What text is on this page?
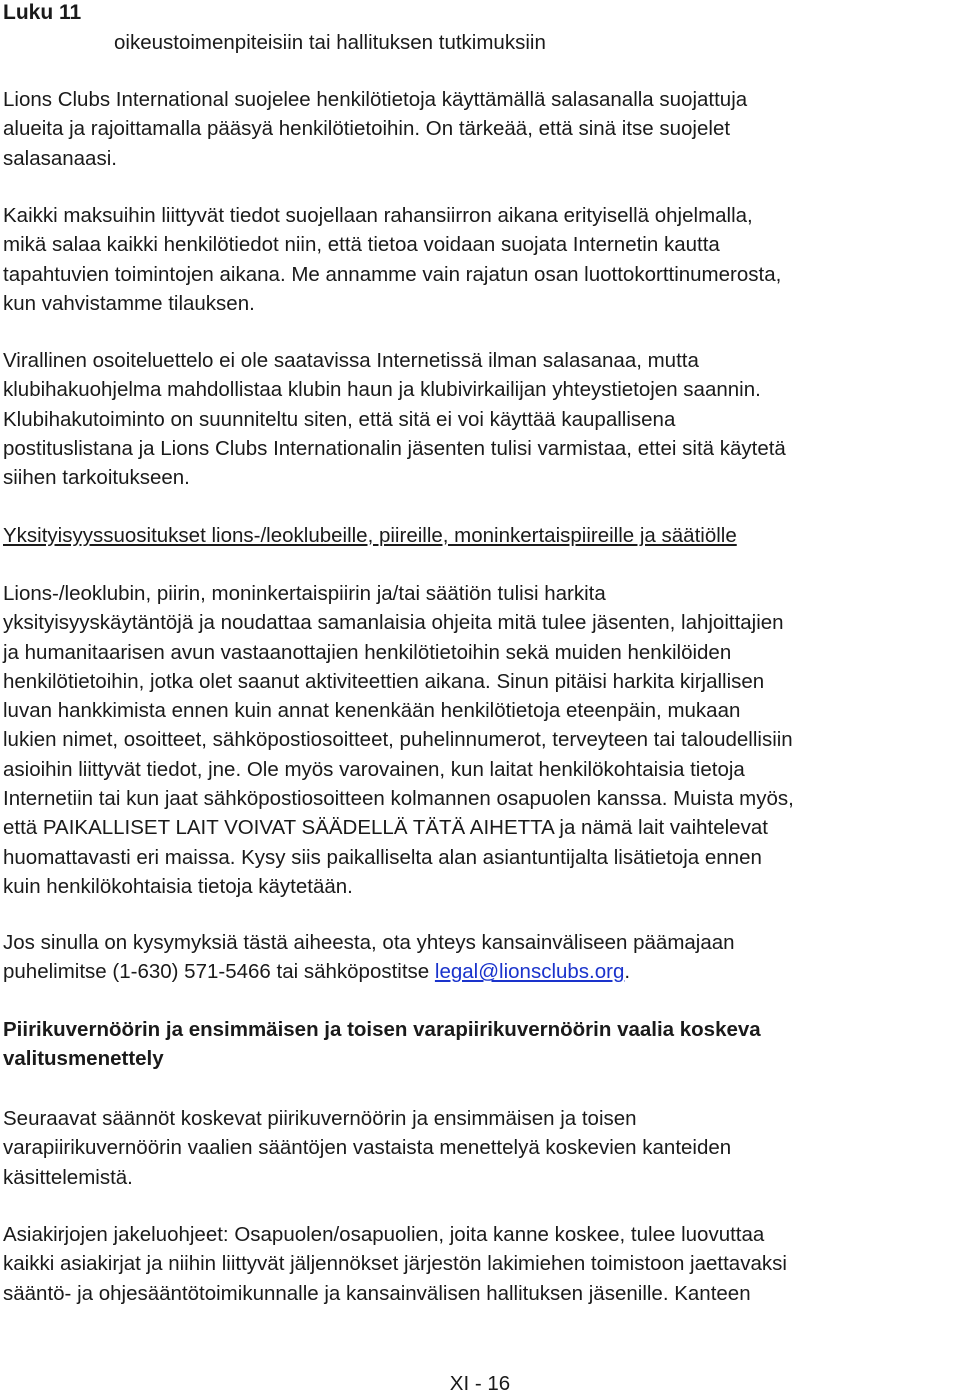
Luku 11

oikeustoimenpiteisiin tai hallituksen tutkimuksiin

Lions Clubs International suojelee henkilötietoja käyttämällä salasanalla suojattuja
alueita ja rajoittamalla pääsyä henkilötietoihin. On tärkeää, että sinä itse suojelet
salasanaasi.

Kaikki maksuihin liittyvät tiedot suojellaan rahansiirron aikana erityisellä ohjelmalla,
mikä salaa kaikki henkilötiedot niin, että tietoa voidaan suojata Internetin kautta
tapahtuvien toimintojen aikana. Me annamme vain rajatun osan luottokorttinumerosta,
kun vahvistamme tilauksen.

Virallinen osoiteluettelo ei ole saatavissa Internetissä ilman salasanaa, mutta
klubihakuohjelma mahdollistaa klubin haun ja klubivirkailijan yhteystietojen saannin.
Klubihakutoiminto on suunniteltu siten, että sitä ei voi käyttää kaupallisena
postituslistana ja Lions Clubs Internationalin jäsenten tulisi varmistaa, ettei sitä käytetä
siihen tarkoitukseen.

Yksityisyyssuositukset lions-/leoklubeille, piireille, moninkertaispiireille ja säätiölle

Lions-/leoklubin, piirin, moninkertaispiirin ja/tai säätiön tulisi harkita
yksityisyyskäytäntöjä ja noudattaa samanlaisia ohjeita mitä tulee jäsenten, lahjoittajien
ja humanitaarisen avun vastaanottajien henkilötietoihin sekä muiden henkilöiden
henkilötietoihin, jotka olet saanut aktiviteettien aikana. Sinun pitäisi harkita kirjallisen
luvan hankkimista ennen kuin annat kenenkään henkilötietoja eteenpäin, mukaan
lukien nimet, osoitteet, sähköpostiosoitteet, puhelinnumerot, terveyteen tai taloudellisiin
asioihin liittyvät tiedot, jne. Ole myös varovainen, kun laitat henkilökohtaisia tietoja
Internetiin tai kun jaat sähköpostiosoitteen kolmannen osapuolen kanssa. Muista myös,
että PAIKALLISET LAIT VOIVAT SÄÄDELLÄ TÄTÄ AIHETTA ja nämä lait vaihtelevat
huomattavasti eri maissa. Kysy siis paikalliselta alan asiantuntijalta lisätietoja ennen
kuin henkilökohtaisia tietoja käytetään.

Jos sinulla on kysymyksiä tästä aiheesta, ota yhteys kansainväliseen päämajaan
puhelimitse (1-630) 571-5466 tai sähköpostitse legal@lionsclubs.org.

Piirikuvernöörin ja ensimmäisen ja toisen varapiirikuvernöörin vaalia koskeva
valitusmenettely

Seuraavat säännöt koskevat piirikuvernöörin ja ensimmäisen ja toisen
varapiirikuvernöörin vaalien sääntöjen vastaista menettelyä koskevien kanteiden
käsittelemistä.

Asiakirjojen jakeluohjeet: Osapuolen/osapuolien, joita kanne koskee, tulee luovuttaa
kaikki asiakirjat ja niihin liittyvät jäljennökset järjestön lakimiehen toimistoon jaettavaksi
sääntö- ja ohjesääntötoimikunnalle ja kansainvälisen hallituksen jäsenille. Kanteen

XI - 16
